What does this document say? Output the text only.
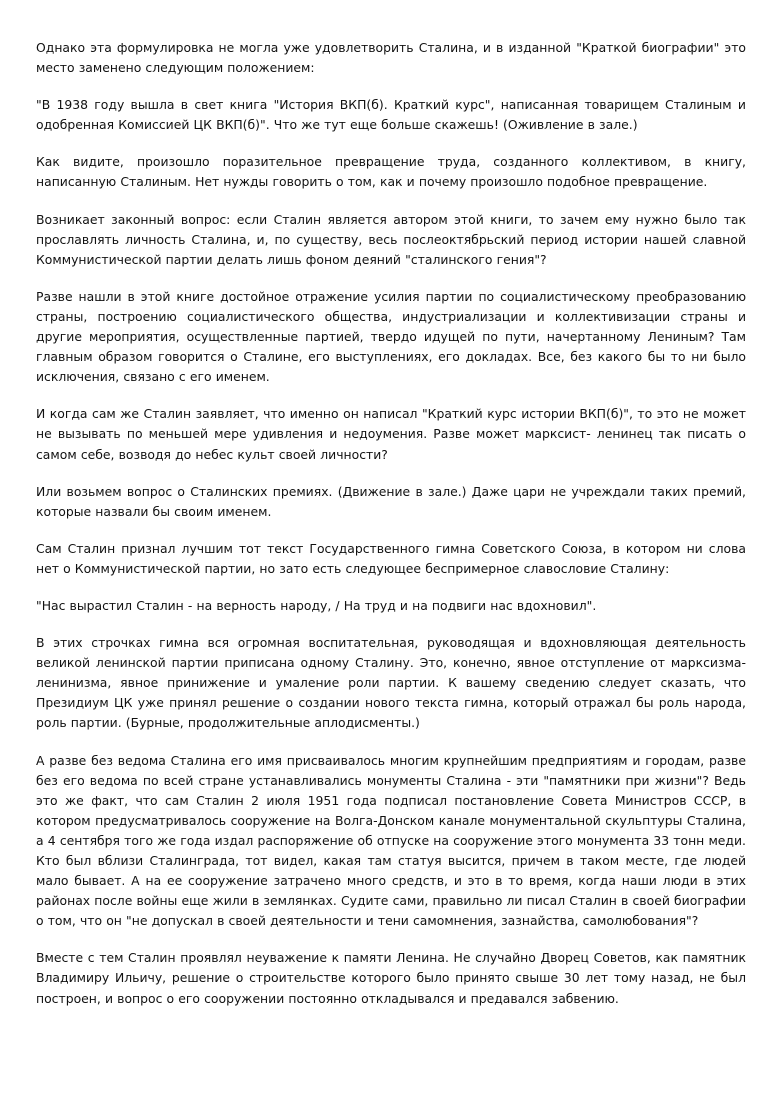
Однако эта формулировка не могла уже удовлетворить Сталина, и в изданной "Краткой биографии" это место заменено следующим положением:

"В 1938 году вышла в свет книга "История ВКП(б). Краткий курс", написанная товарищем Сталиным и одобренная Комиссией ЦК ВКП(б)". Что же тут еще больше скажешь! (Оживление в зале.)

Как видите, произошло поразительное превращение труда, созданного коллективом, в книгу, написанную Сталиным. Нет нужды говорить о том, как и почему произошло подобное превращение.

Возникает законный вопрос: если Сталин является автором этой книги, то зачем ему нужно было так прославлять личность Сталина, и, по существу, весь послеоктябрьский период истории нашей славной Коммунистической партии делать лишь фоном деяний "сталинского гения"?

Разве нашли в этой книге достойное отражение усилия партии по социалистическому преобразованию страны, построению социалистического общества, индустриализации и коллективизации страны и другие мероприятия, осуществленные партией, твердо идущей по пути, начертанному Лениным? Там главным образом говорится о Сталине, его выступлениях, его докладах. Все, без какого бы то ни было исключения, связано с его именем.

И когда сам же Сталин заявляет, что именно он написал "Краткий курс истории ВКП(б)", то это не может не вызывать по меньшей мере удивления и недоумения. Разве может марксист- ленинец так писать о самом себе, возводя до небес культ своей личности?

Или возьмем вопрос о Сталинских премиях. (Движение в зале.) Даже цари не учреждали таких премий, которые назвали бы своим именем.

Сам Сталин признал лучшим тот текст Государственного гимна Советского Союза, в котором ни слова нет о Коммунистической партии, но зато есть следующее беспримерное славословие Сталину:

"Нас вырастил Сталин - на верность народу, / На труд и на подвиги нас вдохновил".

В этих строчках гимна вся огромная воспитательная, руководящая и вдохновляющая деятельность великой ленинской партии приписана одному Сталину. Это, конечно, явное отступление от марксизма-ленинизма, явное принижение и умаление роли партии. К вашему сведению следует сказать, что Президиум ЦК уже принял решение о создании нового текста гимна, который отражал бы роль народа, роль партии. (Бурные, продолжительные аплодисменты.)

А разве без ведома Сталина его имя присваивалось многим крупнейшим предприятиям и городам, разве без его ведома по всей стране устанавливались монументы Сталина - эти "памятники при жизни"? Ведь это же факт, что сам Сталин 2 июля 1951 года подписал постановление Совета Министров СССР, в котором предусматривалось сооружение на Волга-Донском канале монументальной скульптуры Сталина, а 4 сентября того же года издал распоряжение об отпуске на сооружение этого монумента 33 тонн меди. Кто был вблизи Сталинграда, тот видел, какая там статуя высится, причем в таком месте, где людей мало бывает. А на ее сооружение затрачено много средств, и это в то время, когда наши люди в этих районах после войны еще жили в землянках. Судите сами, правильно ли писал Сталин в своей биографии о том, что он "не допускал в своей деятельности и тени самомнения, зазнайства, самолюбования"?

Вместе с тем Сталин проявлял неуважение к памяти Ленина. Не случайно Дворец Советов, как памятник Владимиру Ильичу, решение о строительстве которого было принято свыше 30 лет тому назад, не был построен, и вопрос о его сооружении постоянно откладывался и предавался забвению.
